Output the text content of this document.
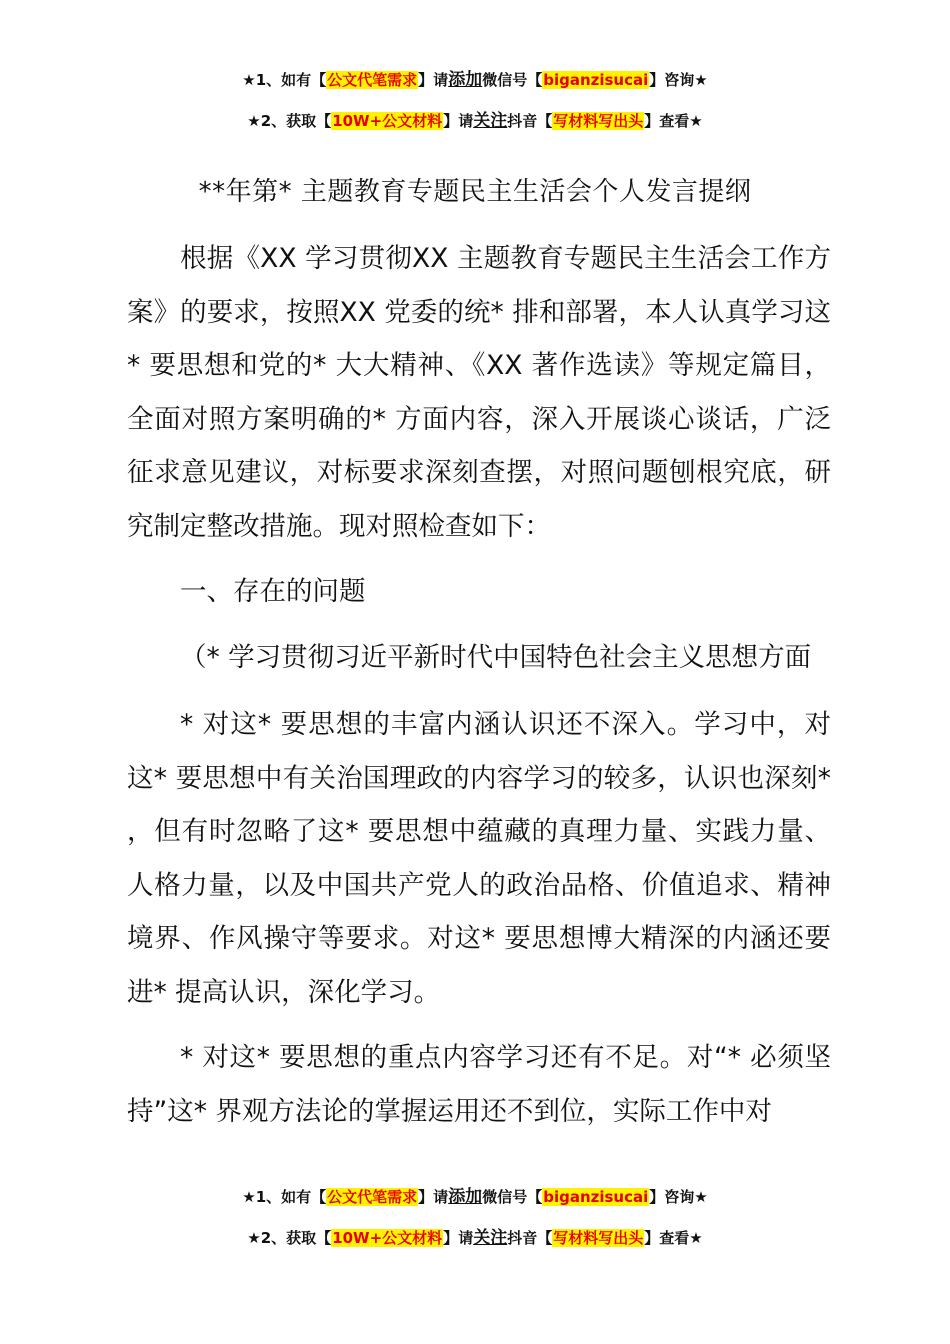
★1、如有【公文代笔需求】请添加微信号【biganzisucai】咨询★
★2、获取【10W+公文材料】请关注抖音【写材料写出头】查看★
**年第* 主题教育专题民主生活会个人发言提纲

根据《XX 学习贯彻XX 主题教育专题民主生活会工作方案》的要求，按照XX 党委的统* 排和部署，本人认真学习这* 要思想和党的* 大大精神、《XX 著作选读》等规定篇目，全面对照方案明确的* 方面内容，深入开展谈心谈话，广泛征求意见建议，对标要求深刻查摆，对照问题刨根究底，研究制定整改措施。现对照检查如下：

一、存在的问题

（* 学习贯彻习近平新时代中国特色社会主义思想方面

* 对这* 要思想的丰富内涵认识还不深入。学习中，对这* 要思想中有关治国理政的内容学习的较多，认识也深刻* ，但有时忽略了这* 要思想中蕴藏的真理力量、实践力量、人格力量，以及中国共产党人的政治品格、价值追求、精神境界、作风操守等要求。对这* 要思想博大精深的内涵还要进* 提高认识，深化学习。

* 对这* 要思想的重点内容学习还有不足。对“* 必须坚持”这* 界观方法论的掌握运用还不到位，实际工作中对

★1、如有【公文代笔需求】请添加微信号【biganzisucai】咨询★
★2、获取【10W+公文材料】请关注抖音【写材料写出头】查看★
